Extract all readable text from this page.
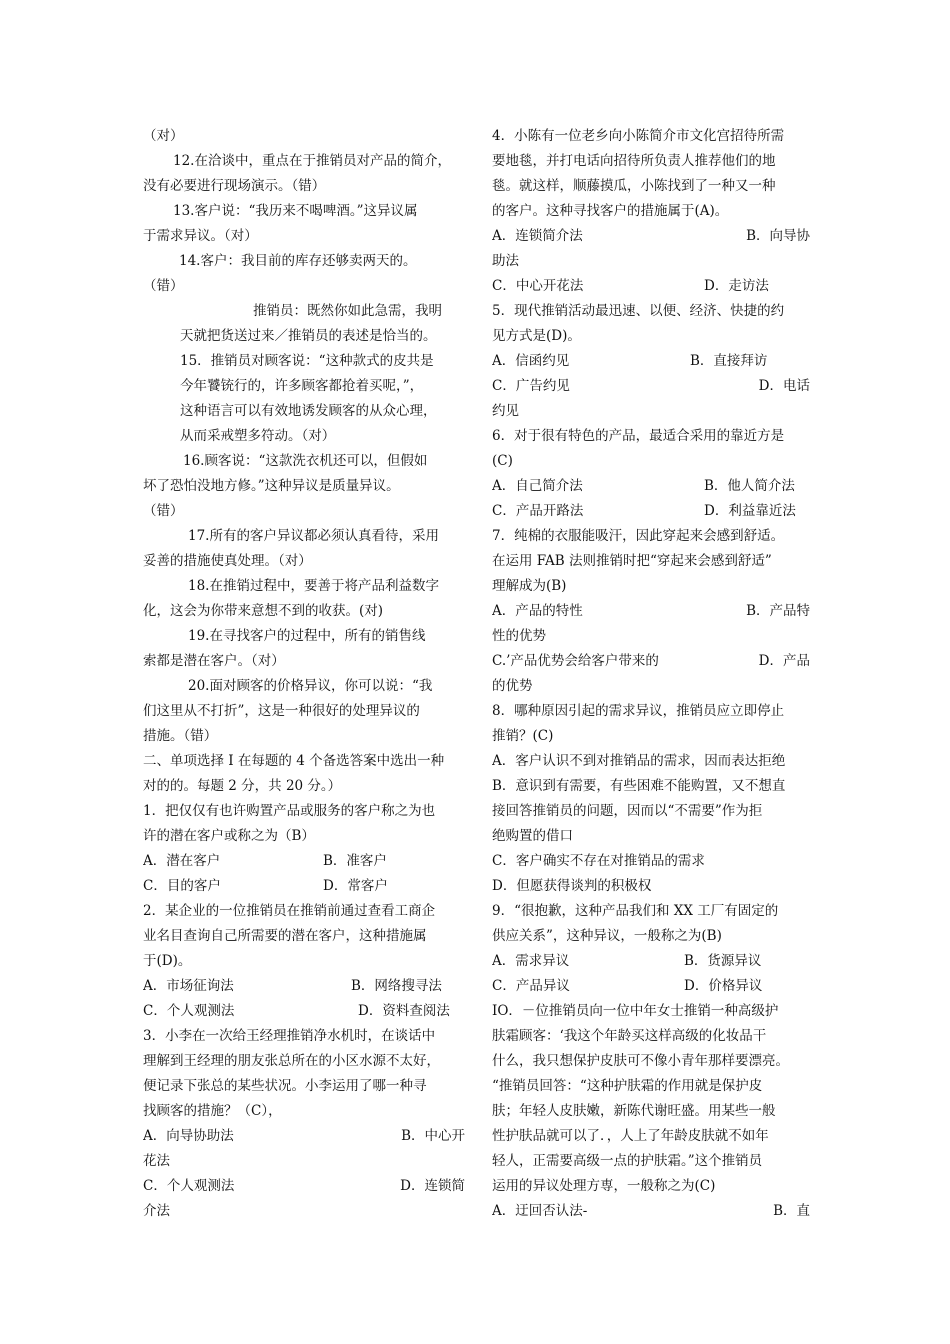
（对）
12.在洽谈中，重点在于推销员对产品的简介，
没有必要进行现场演示。（错）
13.客户说：“我历来不喝啤酒。”这异议属
于需求异议。（对）
14.客户：我目前的库存还够卖两天的。
（错）
推销员：既然你如此急需，我明
天就把货送过来／推销员的表述是恰当的。
15．推销员对顾客说：“这种款式的皮共是
今年饕铳行的，许多顾客都抢着买呢，”，
这种语言可以有效地诱发顾客的从众心理，
从而采戒塑多符动。（对）
16.顾客说：“这款洗衣机还可以，但假如
坏了恐怕没地方修。”这种异议是质量异议。
（错）
17.所有的客户异议都必须认真看待，采用
妥善的措施使真处理。（对）
18.在推销过程中，要善于将产品利益数字
化，这会为你带来意想不到的收获。(对)
19.在寻找客户的过程中，所有的销售线
索都是潜在客户。（对）
20.面对顾客的价格异议，你可以说：“我
们这里从不打折”，这是一种很好的处理异议的
措施。（错）
二、单项选择 I 在每题的 4 个备选答案中选出一种
对的的。每题 2 分，共 20 分。）
1．把仅仅有也许购置产品或服务的客户称之为也
许的潜在客户或称之为（B）
A．潜在客户	B．准客户
C．目的客户	D．常客户
2．某企业的一位推销员在推销前通过查看工商企
业名目查询自己所需要的潜在客户，这种措施属
于(D)。
A．市场征询法	B．网络搜寻法
C．个人观测法	D．资料查阅法
3．小李在一次给王经理推销净水机时，在谈话中
理解到王经理的朋友张总所在的小区水源不太好，
便记录下张总的某些状况。小李运用了哪一种寻
找顾客的措施？（C），
A．向导协助法	B．中心开
花法
C．个人观测法	D．连锁简
介法
4．小陈有一位老乡向小陈简介市文化宫招待所需
要地毯，并打电话向招待所负责人推荐他们的地
毯。就这样，顺藤摸瓜，小陈找到了一种又一种
的客户。这种寻找客户的措施属于(A)。
A．连锁简介法	B．向导协
助法
C．中心开花法	D．走访法
5．现代推销活动最迅速、以便、经济、快捷的约
见方式是(D)。
A．信函约见	B．直接拜访
C．广告约见	D．电话
约见
6．对于很有特色的产品，最适合采用的靠近方是
(C)
A．自己简介法	B．他人简介法
C．产品开路法	D．利益靠近法
7．纯棉的衣服能吸汗，因此穿起来会感到舒适。
在运用 FAB 法则推销时把“穿起来会感到舒适”
理解成为(B)
A．产品的特性	B．产品特
性的优势
C.’产品优势会给客户带来的	D．产品
的优势
8．哪种原因引起的需求异议，推销员应立即停止
推销？(C)
A．客户认识不到对推销品的需求，因而表达拒绝
B．意识到有需要，有些困难不能购置，又不想直
接回答推销员的问题，因而以“不需要”作为拒
绝购置的借口
C．客户确实不存在对推销品的需求
D．但愿获得谈判的积极权
9．“很抱歉，这种产品我们和 XX 工厂有固定的
供应关系”，这种异议，一般称之为(B)
A．需求异议	B．货源异议
C．产品异议	D．价格异议
IO．－位推销员向一位中年女士推销一种高级护
肤霜顾客：‘我这个年龄买这样高级的化妆品干
什么，我只想保护皮肤可不像小青年那样要漂亮。
“推销员回答：“这种护肤霜的作用就是保护皮
肤；年轻人皮肤嫩，新陈代谢旺盛。用某些一般
性护肤品就可以了．，人上了年龄皮肤就不如年
轻人，正需要高级一点的护肤霜。”这个推销员
运用的异议处理方専，一般称之为(C)
A．迂回否认法-	B．直
